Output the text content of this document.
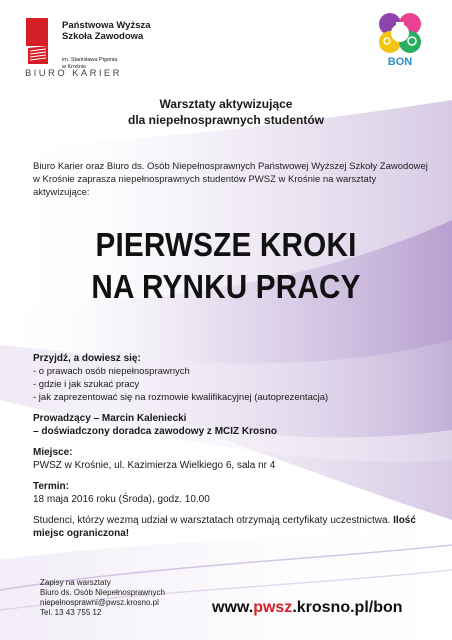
Państwowa Wyższa
Szkoła Zawodowa
im. Stanisława Pigonia
w Krośnie
BIURO KARIER
BON
Warsztaty aktywizujące
dla niepełnosprawnych studentów
Biuro Karier oraz Biuro ds. Osób Niepełnosprawnych Państwowej Wyższej Szkoły Zawodowej w Krośnie zaprasza niepełnosprawnych studentów PWSZ w Krośnie na warsztaty aktywizujące:
PIERWSZE KROKI
NA RYNKU PRACY
Przyjdź, a dowiesz się:
- o prawach osób niepełnosprawnych
- gdzie i jak szukać pracy
- jak zaprezentować się na rozmowie kwalifikacyjnej (autoprezentacja)
Prowadzący – Marcin Kaleniecki
– doświadczony doradca zawodowy z MCIZ Krosno
Miejsce:
PWSZ w Krośnie, ul. Kazimierza Wielkiego 6, sala nr 4
Termin:
18 maja 2016 roku (Środa), godz. 10.00
Studenci, którzy wezmą udział w warsztatach otrzymają certyfikaty uczestnictwa. Ilość miejsc ograniczona!
Zapisy na warsztaty
Biuro ds. Osób Niepełnosprawnych
niepelnosprawni@pwsz.krosno.pl
Tel. 13 43 755 12	www.pwsz.krosno.pl/bon
